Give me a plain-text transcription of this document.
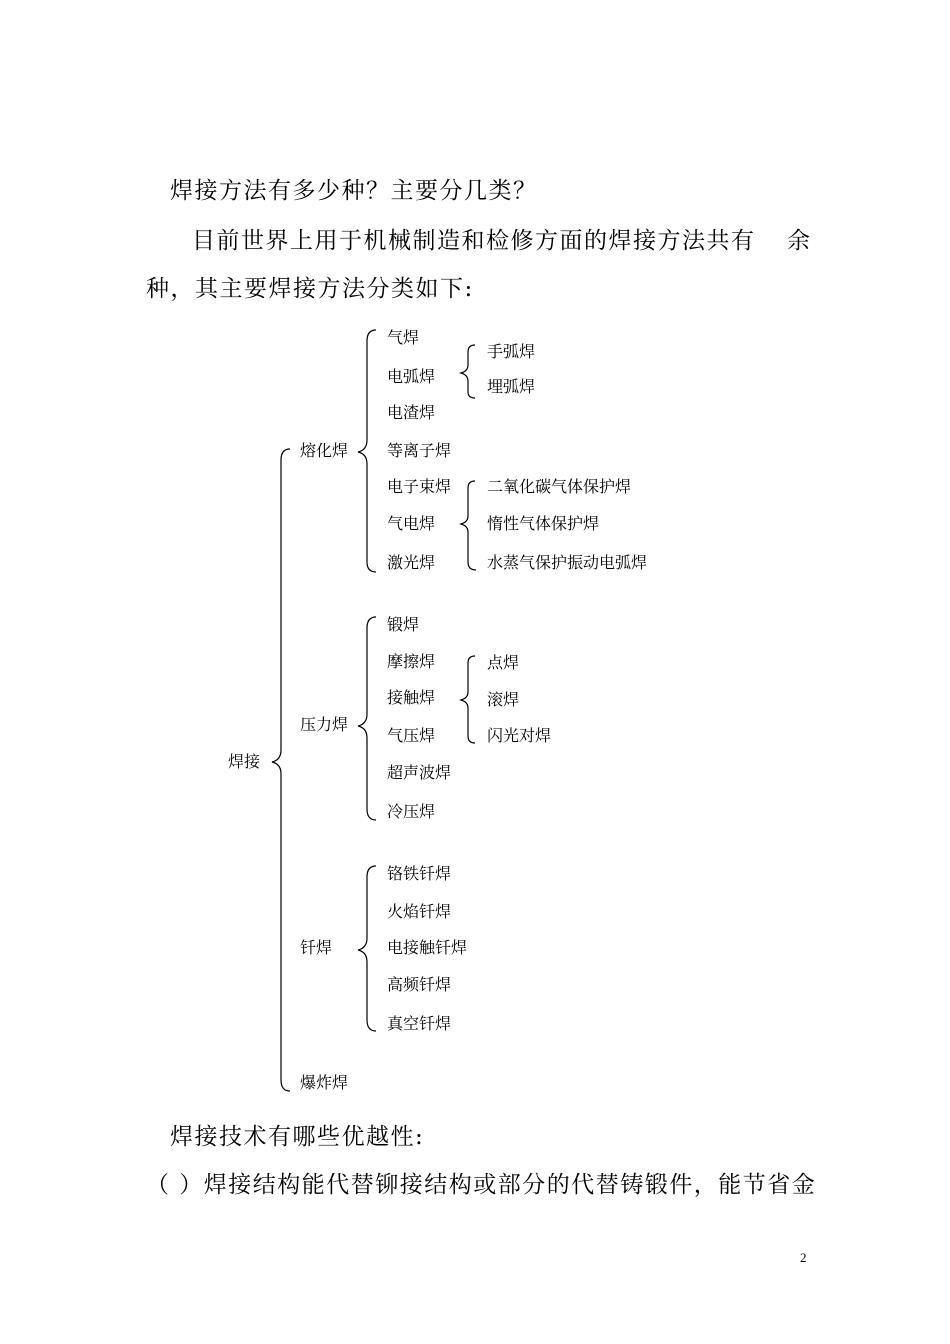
焊接方法有多少种？主要分几类？
目前世界上用于机械制造和检修方面的焊接方法共有 余
种，其主要焊接方法分类如下:
焊接
熔化焊
气焊
电弧焊
电渣焊
等离子焊
电子束焊
气电焊
激光焊
手弧焊
埋弧焊
二氧化碳气体保护焊
惰性气体保护焊
水蒸气保护振动电弧焊
压力焊
锻焊
摩擦焊
接触焊
气压焊
超声波焊
冷压焊
点焊
滚焊
闪光对焊
钎焊
铬铁钎焊
火焰钎焊
电接触钎焊
高频钎焊
真空钎焊
爆炸焊
焊接技术有哪些优越性:
（ ）焊接结构能代替铆接结构或部分的代替铸锻件，能节省金
2
